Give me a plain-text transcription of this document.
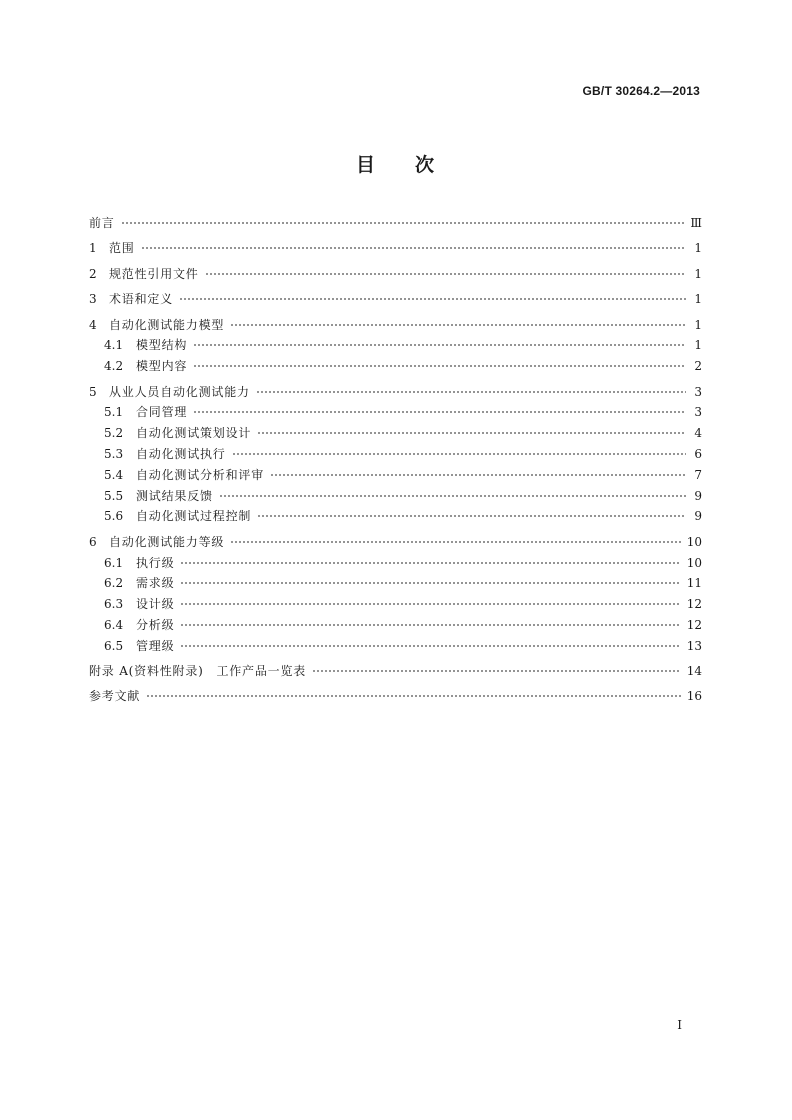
GB/T 30264.2—2013
目 次
前言	Ⅲ
1 范围	1
2 规范性引用文件	1
3 术语和定义	1
4 自动化测试能力模型	1
4.1 模型结构	1
4.2 模型内容	2
5 从业人员自动化测试能力	3
5.1 合同管理	3
5.2 自动化测试策划设计	4
5.3 自动化测试执行	6
5.4 自动化测试分析和评审	7
5.5 测试结果反馈	9
5.6 自动化测试过程控制	9
6 自动化测试能力等级	10
6.1 执行级	10
6.2 需求级	11
6.3 设计级	12
6.4 分析级	12
6.5 管理级	13
附录 A(资料性附录)　工作产品一览表	14
参考文献	16
Ⅰ
